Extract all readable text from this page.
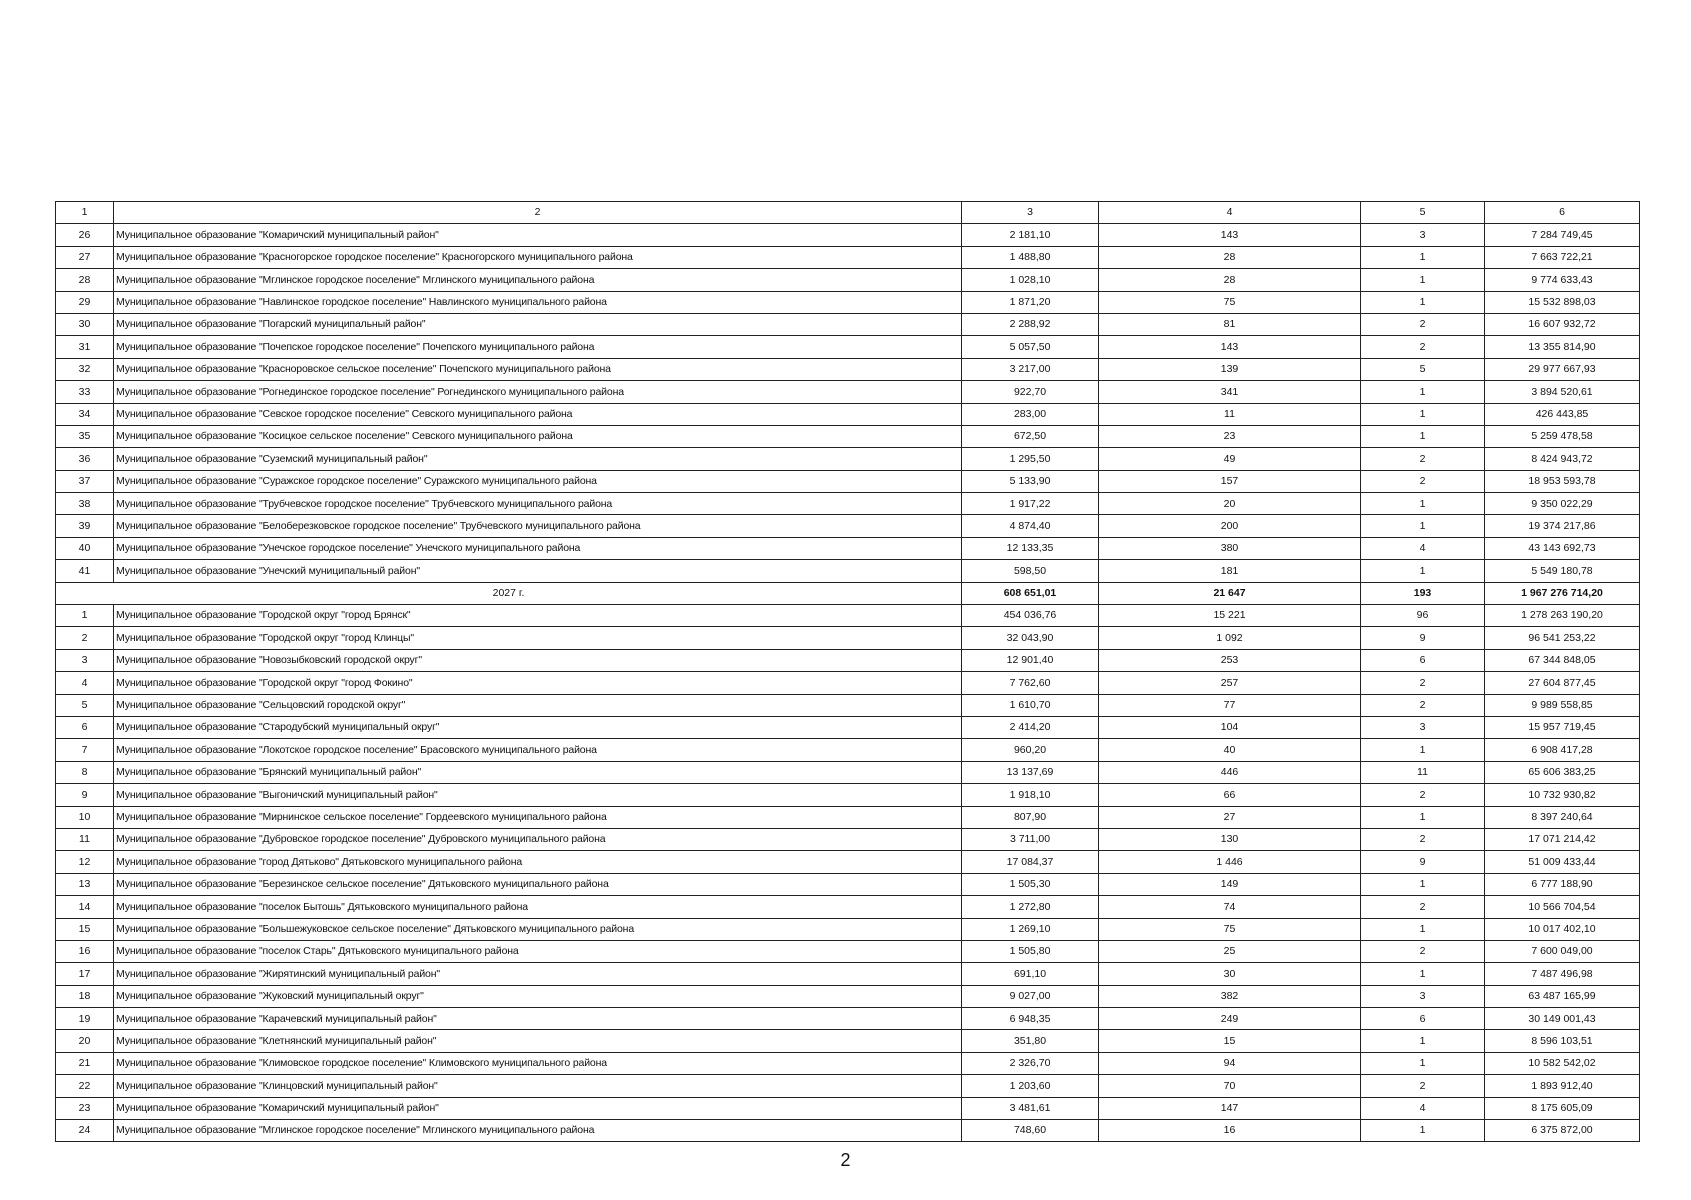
1	2	3	4	5	6
26	Муниципальное образование "Комаричский муниципальный район"	2 181,10	143	3	7 284 749,45
27	Муниципальное образование "Красногорское городское поселение" Красногорского муниципального района	1 488,80	28	1	7 663 722,21
28	Муниципальное образование "Мглинское городское поселение" Мглинского муниципального района	1 028,10	28	1	9 774 633,43
29	Муниципальное образование "Навлинское городское поселение" Навлинского муниципального района	1 871,20	75	1	15 532 898,03
30	Муниципальное образование "Погарский муниципальный район"	2 288,92	81	2	16 607 932,72
31	Муниципальное образование "Почепское городское поселение" Почепского муниципального района	5 057,50	143	2	13 355 814,90
32	Муниципальное образование "Красноровское сельское поселение" Почепского муниципального района	3 217,00	139	5	29 977 667,93
33	Муниципальное образование "Рогнединское городское поселение" Рогнединского муниципального района	922,70	341	1	3 894 520,61
34	Муниципальное образование "Севское городское поселение" Севского муниципального района	283,00	11	1	426 443,85
35	Муниципальное образование "Косицкое сельское поселение" Севского муниципального района	672,50	23	1	5 259 478,58
36	Муниципальное образование "Суземский муниципальный район"	1 295,50	49	2	8 424 943,72
37	Муниципальное образование "Суражское городское поселение" Суражского муниципального района	5 133,90	157	2	18 953 593,78
38	Муниципальное образование "Трубчевское городское поселение" Трубчевского муниципального района	1 917,22	20	1	9 350 022,29
39	Муниципальное образование "Белоберезковское городское поселение" Трубчевского муниципального района	4 874,40	200	1	19 374 217,86
40	Муниципальное образование "Унечское городское поселение" Унечского муниципального района	12 133,35	380	4	43 143 692,73
41	Муниципальное образование "Унечский муниципальный район"	598,50	181	1	5 549 180,78
2027 г.		608 651,01	21 647	193	1 967 276 714,20
1	Муниципальное образование "Городской округ "город Брянск"	454 036,76	15 221	96	1 278 263 190,20
2	Муниципальное образование "Городской округ "город Клинцы"	32 043,90	1 092	9	96 541 253,22
3	Муниципальное образование "Новозыбковский городской округ"	12 901,40	253	6	67 344 848,05
4	Муниципальное образование "Городской округ "город Фокино"	7 762,60	257	2	27 604 877,45
5	Муниципальное образование "Сельцовский городской округ"	1 610,70	77	2	9 989 558,85
6	Муниципальное образование "Стародубский муниципальный округ"	2 414,20	104	3	15 957 719,45
7	Муниципальное образование "Локотское городское поселение" Брасовского муниципального района	960,20	40	1	6 908 417,28
8	Муниципальное образование "Брянский муниципальный район"	13 137,69	446	11	65 606 383,25
9	Муниципальное образование "Выгоничский муниципальный район"	1 918,10	66	2	10 732 930,82
10	Муниципальное образование "Мирнинское сельское поселение" Гордеевского муниципального района	807,90	27	1	8 397 240,64
11	Муниципальное образование "Дубровское городское поселение" Дубровского муниципального района	3 711,00	130	2	17 071 214,42
12	Муниципальное образование "город Дятьково" Дятьковского муниципального района	17 084,37	1 446	9	51 009 433,44
13	Муниципальное образование "Березинское сельское поселение" Дятьковского муниципального района	1 505,30	149	1	6 777 188,90
14	Муниципальное образование "поселок Бытошь" Дятьковского муниципального района	1 272,80	74	2	10 566 704,54
15	Муниципальное образование "Большежуковское сельское поселение" Дятьковского муниципального района	1 269,10	75	1	10 017 402,10
16	Муниципальное образование "поселок Старь" Дятьковского муниципального района	1 505,80	25	2	7 600 049,00
17	Муниципальное образование "Жирятинский муниципальный район"	691,10	30	1	7 487 496,98
18	Муниципальное образование "Жуковский муниципальный округ"	9 027,00	382	3	63 487 165,99
19	Муниципальное образование "Карачевский муниципальный район"	6 948,35	249	6	30 149 001,43
20	Муниципальное образование "Клетнянский муниципальный район"	351,80	15	1	8 596 103,51
21	Муниципальное образование "Климовское городское поселение" Климовского муниципального района	2 326,70	94	1	10 582 542,02
22	Муниципальное образование "Клинцовский муниципальный район"	1 203,60	70	2	1 893 912,40
23	Муниципальное образование "Комаричский муниципальный район"	3 481,61	147	4	8 175 605,09
24	Муниципальное образование "Мглинское городское поселение" Мглинского муниципального района	748,60	16	1	6 375 872,00
2
